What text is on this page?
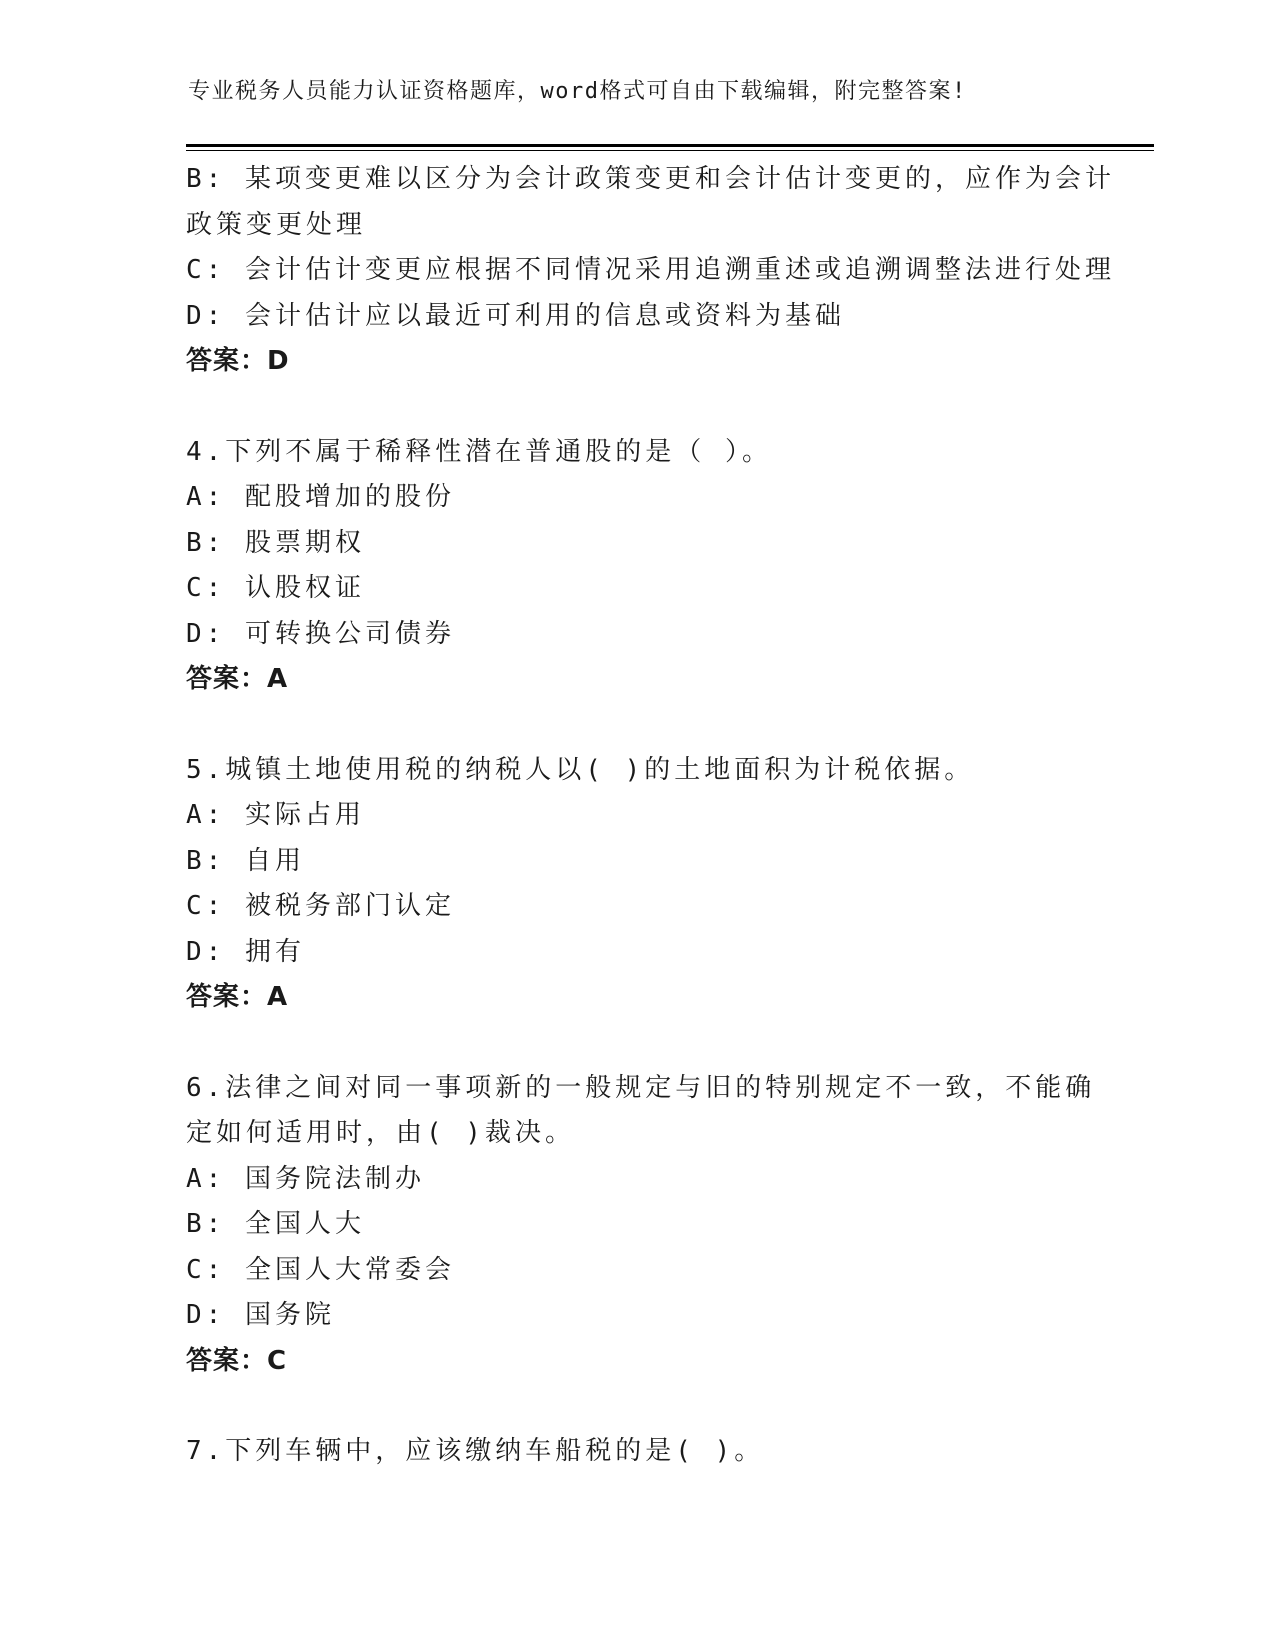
专业税务人员能力认证资格题库，word格式可自由下载编辑，附完整答案!
B: 某项变更难以区分为会计政策变更和会计估计变更的，应作为会计
政策变更处理
C: 会计估计变更应根据不同情况采用追溯重述或追溯调整法进行处理
D: 会计估计应以最近可利用的信息或资料为基础
答案：D
4.下列不属于稀释性潜在普通股的是（ ）。
A: 配股增加的股份
B: 股票期权
C: 认股权证
D: 可转换公司债券
答案：A
5.城镇土地使用税的纳税人以( )的土地面积为计税依据。
A: 实际占用
B: 自用
C: 被税务部门认定
D: 拥有
答案：A
6.法律之间对同一事项新的一般规定与旧的特别规定不一致，不能确
定如何适用时，由( )裁决。
A: 国务院法制办
B: 全国人大
C: 全国人大常委会
D: 国务院
答案：C
7.下列车辆中，应该缴纳车船税的是( )。
